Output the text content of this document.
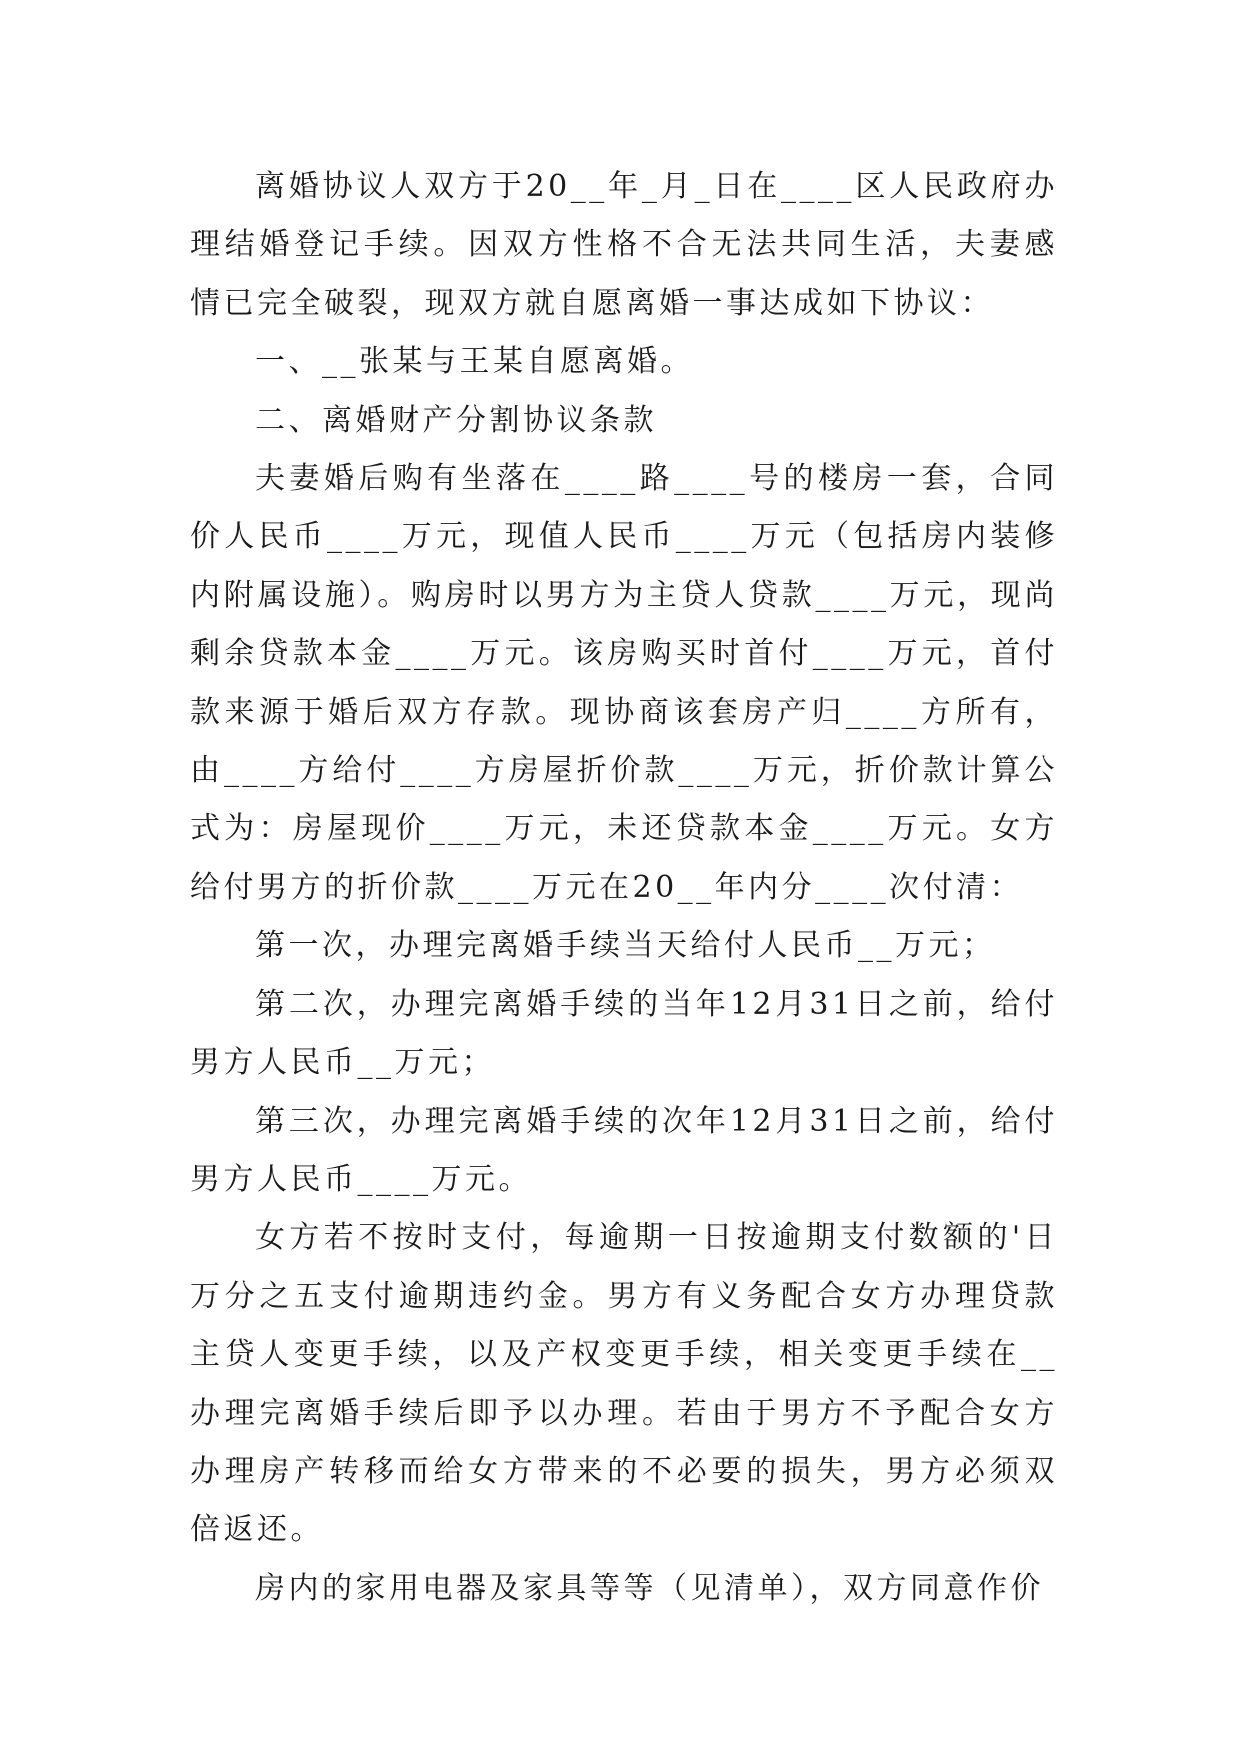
离婚协议人双方于20__年_月_日在____区人民政府办理结婚登记手续。因双方性格不合无法共同生活，夫妻感情已完全破裂，现双方就自愿离婚一事达成如下协议：

一、__张某与王某自愿离婚。

二、离婚财产分割协议条款

夫妻婚后购有坐落在____路____号的楼房一套，合同价人民币____万元，现值人民币____万元（包括房内装修内附属设施）。购房时以男方为主贷人贷款____万元，现尚剩余贷款本金____万元。该房购买时首付____万元，首付款来源于婚后双方存款。现协商该套房产归____方所有，由____方给付____方房屋折价款____万元，折价款计算公式为：房屋现价____万元，未还贷款本金____万元。女方给付男方的折价款____万元在20__年内分____次付清：

第一次，办理完离婚手续当天给付人民币__万元；

第二次，办理完离婚手续的当年12月31日之前，给付男方人民币__万元；

第三次，办理完离婚手续的次年12月31日之前，给付男方人民币____万元。

女方若不按时支付，每逾期一日按逾期支付数额的'日万分之五支付逾期违约金。男方有义务配合女方办理贷款主贷人变更手续，以及产权变更手续，相关变更手续在__办理完离婚手续后即予以办理。若由于男方不予配合女方办理房产转移而给女方带来的不必要的损失，男方必须双倍返还。

房内的家用电器及家具等等（见清单），双方同意作价
